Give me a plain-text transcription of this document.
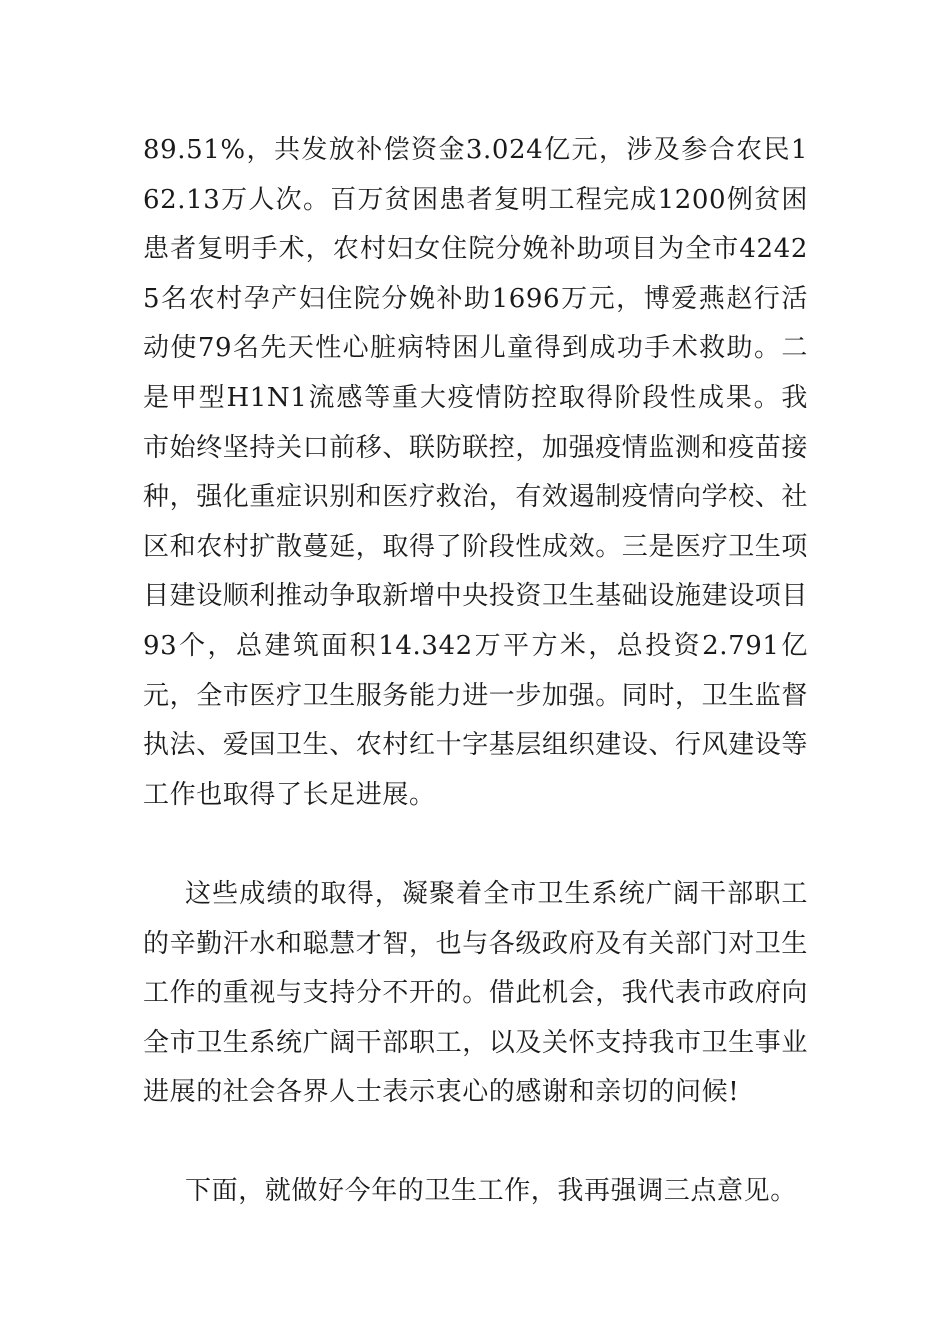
89.51%，共发放补偿资金3.024亿元，涉及参合农民162.13万人次。百万贫困患者复明工程完成1200例贫困患者复明手术，农村妇女住院分娩补助项目为全市42425名农村孕产妇住院分娩补助1696万元，博爱燕赵行活动使79名先天性心脏病特困儿童得到成功手术救助。二是甲型H1N1流感等重大疫情防控取得阶段性成果。我市始终坚持关口前移、联防联控，加强疫情监测和疫苗接种，强化重症识别和医疗救治，有效遏制疫情向学校、社区和农村扩散蔓延，取得了阶段性成效。三是医疗卫生项目建设顺利推动争取新增中央投资卫生基础设施建设项目93个，总建筑面积14.342万平方米，总投资2.791亿元，全市医疗卫生服务能力进一步加强。同时，卫生监督执法、爱国卫生、农村红十字基层组织建设、行风建设等工作也取得了长足进展。

这些成绩的取得，凝聚着全市卫生系统广阔干部职工的辛勤汗水和聪慧才智，也与各级政府及有关部门对卫生工作的重视与支持分不开的。借此机会，我代表市政府向全市卫生系统广阔干部职工，以及关怀支持我市卫生事业进展的社会各界人士表示衷心的感谢和亲切的问候!

下面，就做好今年的卫生工作，我再强调三点意见。
